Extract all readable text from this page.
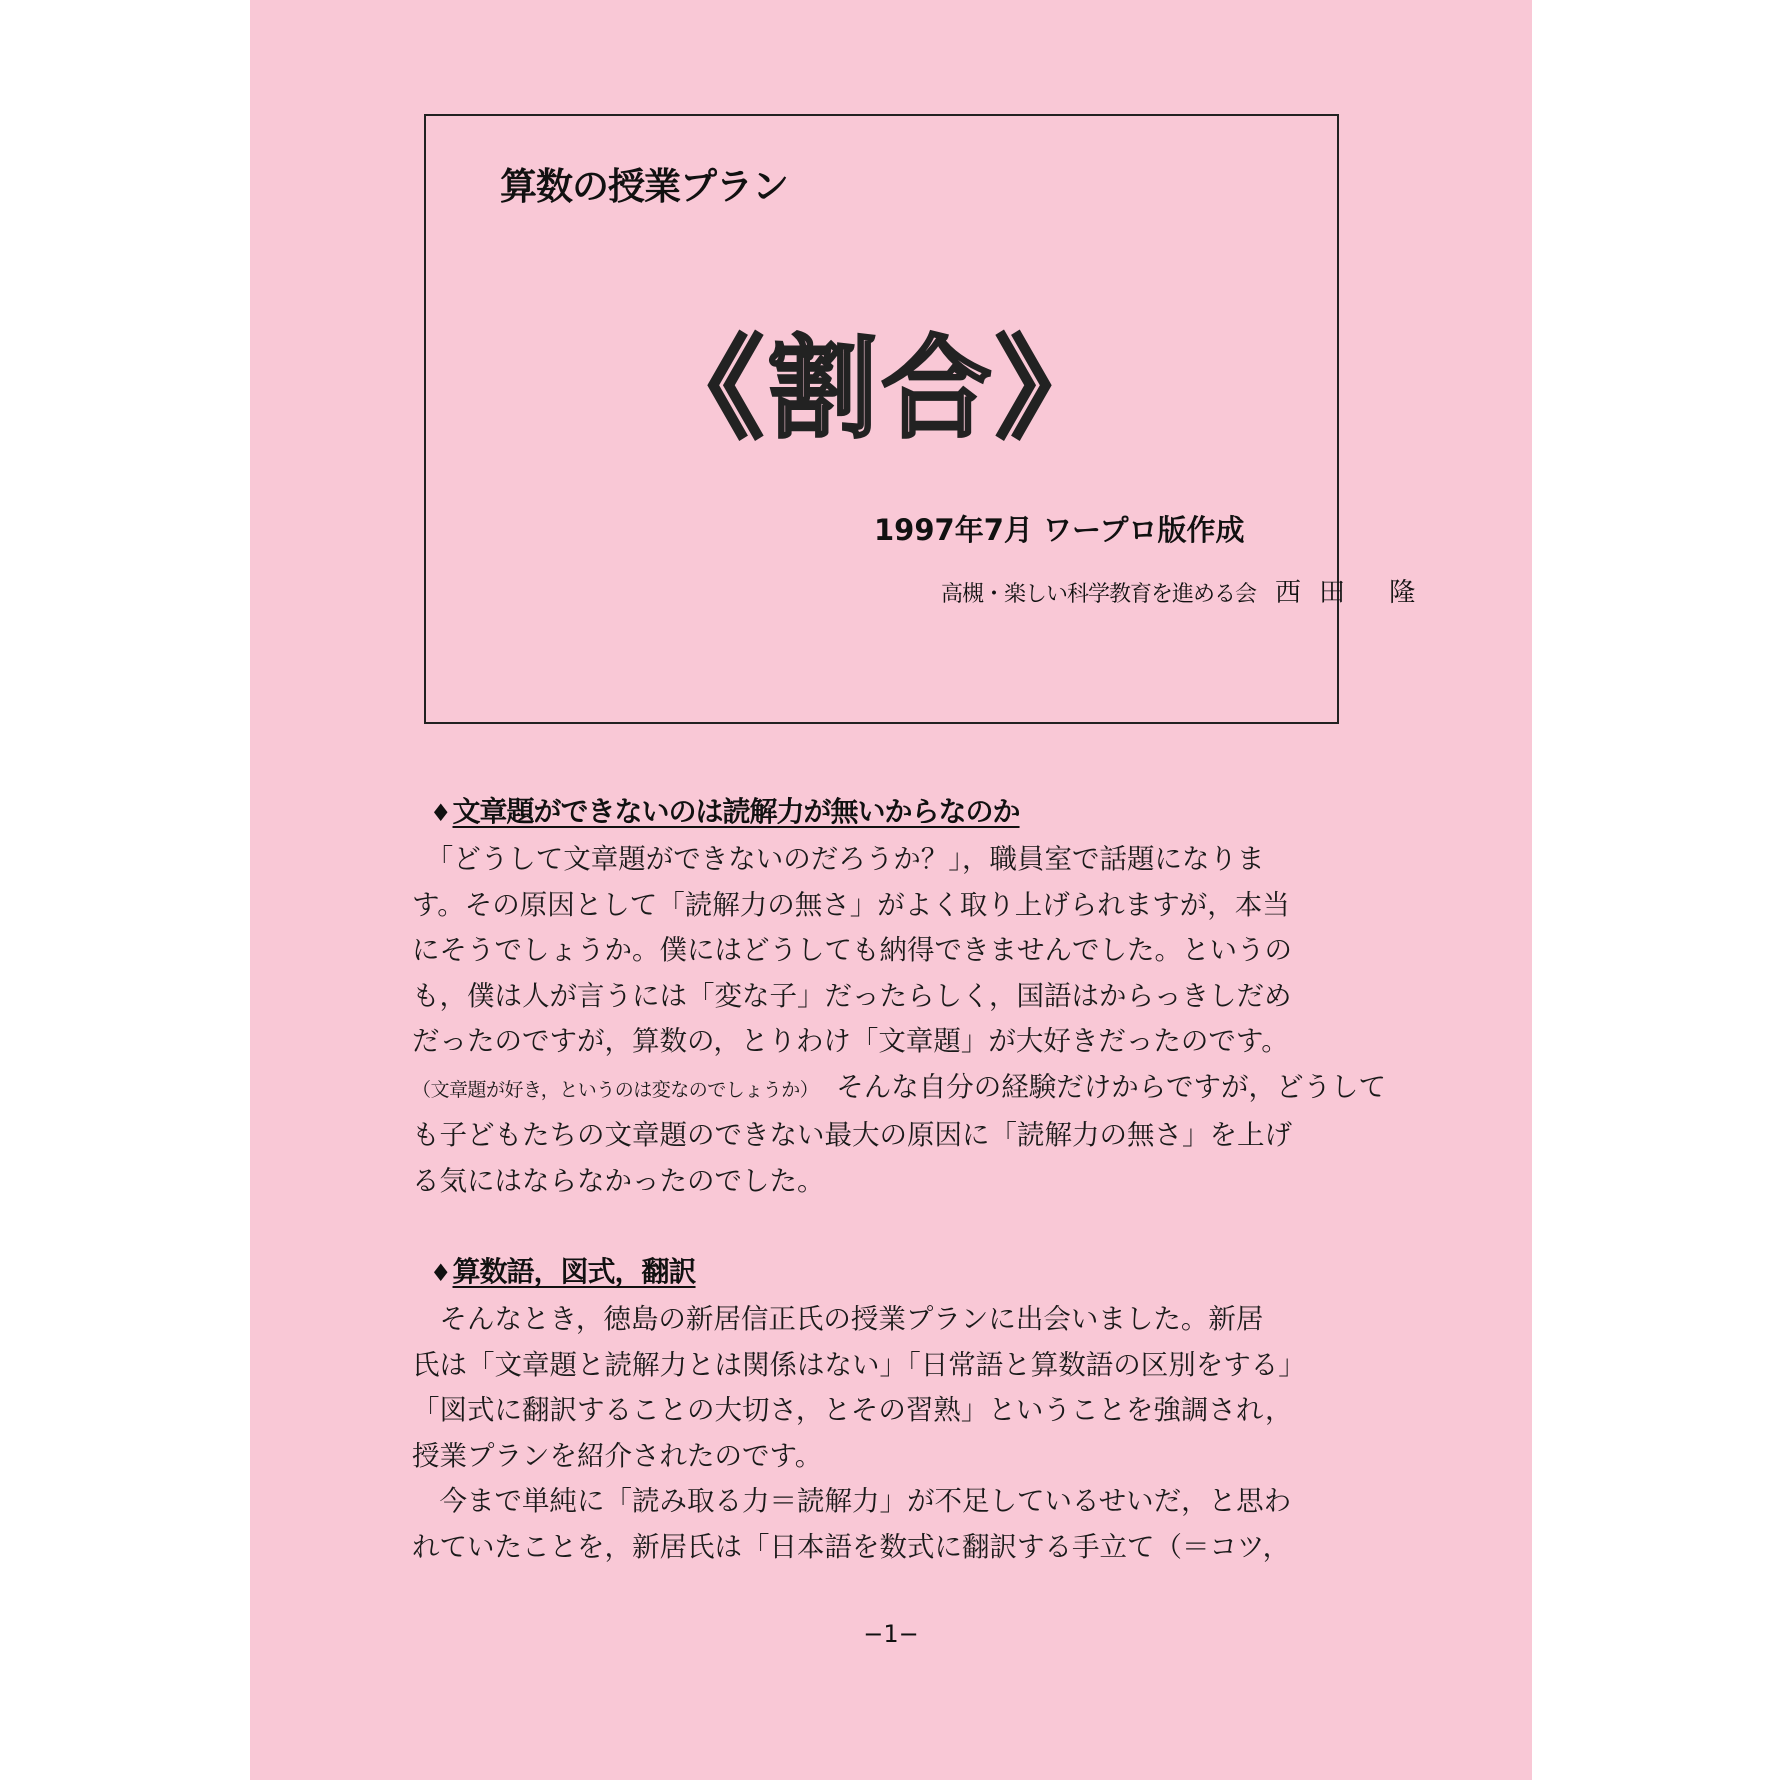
算数の授業プラン
《割合》
1997年7月 ワープロ版作成
高槻・楽しい科学教育を進める会 西田 隆
♦文章題ができないのは読解力が無いからなのか
　「どうして文章題ができないのだろうか？」，職員室で話題になりま
す。その原因として「読解力の無さ」がよく取り上げられますが，本当
にそうでしょうか。僕にはどうしても納得できませんでした。というの
も，僕は人が言うには「変な子」だったらしく，国語はからっきしだめ
だったのですが，算数の，とりわけ「文章題」が大好きだったのです。
（文章題が好き，というのは変なのでしょうか）　そんな自分の経験だけからですが，どうして
も子どもたちの文章題のできない最大の原因に「読解力の無さ」を上げ
る気にはならなかったのでした。
♦算数語，図式，翻訳
　そんなとき，徳島の新居信正氏の授業プランに出会いました。新居
氏は「文章題と読解力とは関係はない」「日常語と算数語の区別をする」
「図式に翻訳することの大切さ，とその習熟」ということを強調され，
授業プランを紹介されたのです。
　今まで単純に「読み取る力＝読解力」が不足しているせいだ，と思わ
れていたことを，新居氏は「日本語を数式に翻訳する手立て（＝コツ，
−1−
